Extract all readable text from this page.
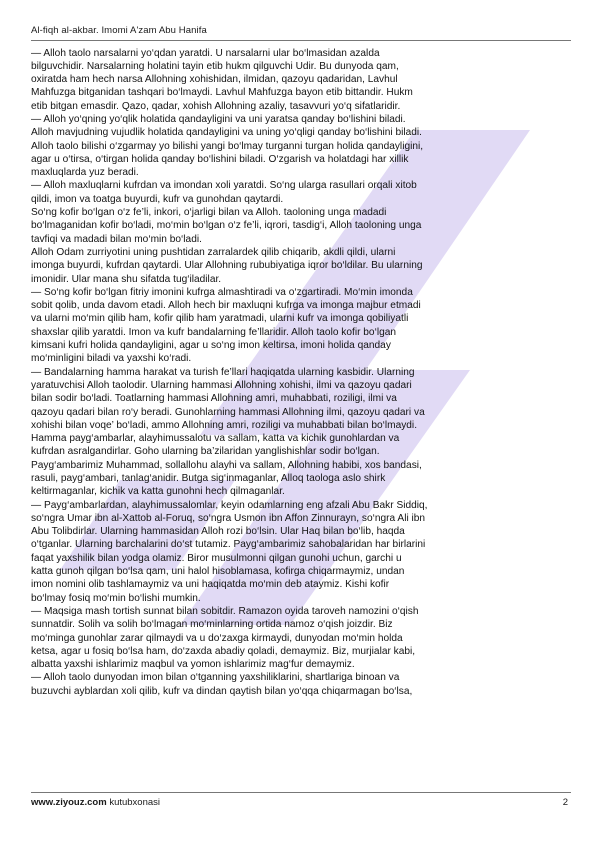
Al-fiqh al-akbar. Imomi A'zam Abu Hanifa
— Alloh taolo narsalarni yo‘qdan yaratdi. U narsalarni ular bo‘lmasidan azalda
bilguvchidir. Narsalarning holatini tayin etib hukm qilguvchi Udir. Bu dunyoda qam,
oxiratda ham hech narsa Allohning xohishidan, ilmidan, qazoyu qadaridan, Lavhul
Mahfuzga bitganidan tashqari bo‘lmaydi. Lavhul Mahfuzga bayon etib bittandir. Hukm
etib bitgan emasdir. Qazo, qadar, xohish Allohning azaliy, tasavvuri yo‘q sifatlaridir.
— Alloh yo‘qning yo‘qlik holatida qandayligini va uni yaratsa qanday bo‘lishini biladi.
Alloh mavjudning vujudlik holatida qandayligini va uning yo‘qligi qanday bo‘lishini biladi.
Alloh taolo bilishi o‘zgarmay yo bilishi yangi bo‘lmay turganni turgan holida qandayligini,
agar u o‘tirsa, o‘tirgan holida qanday bo‘lishini biladi. O‘zgarish va holatdagi har xillik
maxluqlarda yuz beradi.
— Alloh maxluqlarni kufrdan va imondan xoli yaratdi. So‘ng ularga rasullari orqali xitob
qildi, imon va toatga buyurdi, kufr va gunohdan qaytardi.
So‘ng kofir bo‘lgan o‘z fe’li, inkori, o‘jarligi bilan va Alloh. taoloning unga madadi
bo‘lmaganidan kofir bo‘ladi, mo‘min bo‘lgan o‘z fe’li, iqrori, tasdig‘i, Alloh taoloning unga
tavfiqi va madadi bilan mo‘min bo‘ladi.
Alloh Odam zurriyotini uning pushtidan zarralardek qilib chiqarib, akdli qildi, ularni
imonga buyurdi, kufrdan qaytardi. Ular Allohning rububiyatiga iqror bo‘ldilar. Bu ularning
imonidir. Ular mana shu sifatda tug‘iladilar.
— So‘ng kofir bo‘lgan fitriy imonini kufrga almashtiradi va o‘zgartiradi. Mo‘min imonda
sobit qolib, unda davom etadi. Alloh hech bir maxluqni kufrga va imonga majbur etmadi
va ularni mo‘min qilib ham, kofir qilib ham yaratmadi, ularni kufr va imonga qobiliyatli
shaxslar qilib yaratdi. Imon va kufr bandalarning fe’llaridir. Alloh taolo kofir bo‘lgan
kimsani kufri holida qandayligini, agar u so‘ng imon keltirsa, imoni holida qanday
mo‘minligini biladi va yaxshi ko‘radi.
— Bandalarning hamma harakat va turish fe’llari haqiqatda ularning kasbidir. Ularning
yaratuvchisi Alloh taolodir. Ularning hammasi Allohning xohishi, ilmi va qazoyu qadari
bilan sodir bo‘ladi. Toatlarning hammasi Allohning amri, muhabbati, roziligi, ilmi va
qazoyu qadari bilan ro‘y beradi. Gunohlarning hammasi Allohning ilmi, qazoyu qadari va
xohishi bilan voqe’ bo‘ladi, ammo Allohning amri, roziligi va muhabbati bilan bo‘lmaydi.
Hamma payg‘ambarlar, alayhimussalotu va sallam, katta va kichik gunohlardan va
kufrdan asralgandirlar. Goho ularning ba’zilaridan yanglishishlar sodir bo‘lgan.
Payg‘ambarimiz Muhammad, sollallohu alayhi va sallam, Allohning habibi, xos bandasi,
rasuli, payg‘ambari, tanlag‘anidir. Butga sig‘inmaganlar, Alloq taologa aslo shirk
keltirmaganlar, kichik va katta gunohni hech qilmaganlar.
— Payg‘ambarlardan, alayhimussalomlar, keyin odamlarning eng afzali Abu Bakr Siddiq,
so‘ngra Umar ibn al-Xattob al-Foruq, so‘ngra Usmon ibn Affon Zinnurayn, so‘ngra Ali ibn
Abu Tolibdirlar. Ularning hammasidan Alloh rozi bo‘lsin. Ular Haq bilan bo‘lib, haqda
o‘tganlar. Ularning barchalarini do‘st tutamiz. Payg‘ambarimiz sahobalaridan har birlarini
faqat yaxshilik bilan yodga olamiz. Biror musulmonni qilgan gunohi uchun, garchi u
katta gunoh qilgan bo‘lsa qam, uni halol hisoblamasa, kofirga chiqarmaymiz, undan
imon nomini olib tashlamaymiz va uni haqiqatda mo‘min deb ataymiz. Kishi kofir
bo‘lmay fosiq mo‘min bo‘lishi mumkin.
— Maqsiga mash tortish sunnat bilan sobitdir. Ramazon oyida taroveh namozini o‘qish
sunnatdir. Solih va solih bo‘lmagan mo‘minlarning ortida namoz o‘qish joizdir. Biz
mo‘minga gunohlar zarar qilmaydi va u do‘zaxga kirmaydi, dunyodan mo‘min holda
ketsa, agar u fosiq bo‘lsa ham, do‘zaxda abadiy qoladi, demaymiz. Biz, murjialar kabi,
albatta yaxshi ishlarimiz maqbul va yomon ishlarimiz mag‘fur demaymiz.
— Alloh taolo dunyodan imon bilan o‘tganning yaxshiliklarini, shartlariga binoan va
buzuvchi ayblardan xoli qilib, kufr va dindan qaytish bilan yo‘qqa chiqarmagan bo‘lsa,
www.ziyouz.com kutubxonasi	2
